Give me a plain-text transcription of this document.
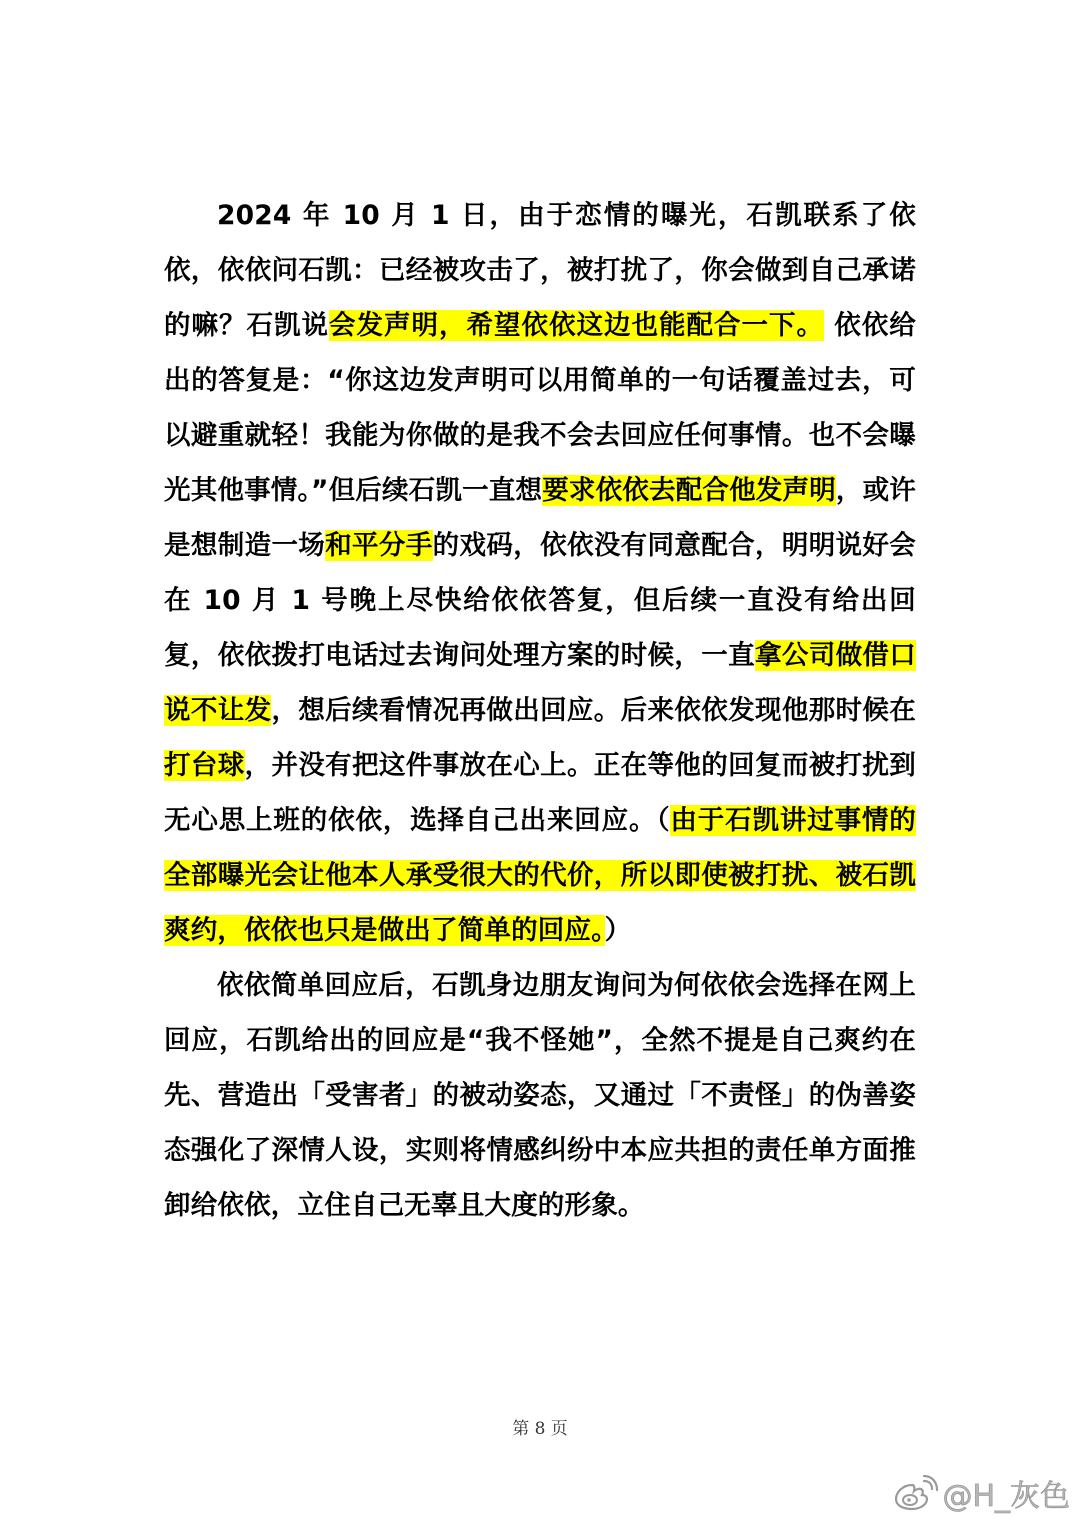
2024 年 10 月 1 日，由于恋情的曝光，石凯联系了依依，依依问石凯：已经被攻击了，被打扰了，你会做到自己承诺的嘛？石凯说会发声明，希望依依这边也能配合一下。 依依给出的答复是：“你这边发声明可以用简单的一句话覆盖过去，可以避重就轻！我能为你做的是我不会去回应任何事情。也不会曝光其他事情。”但后续石凯一直想要求依依去配合他发声明，或许是想制造一场和平分手的戏码，依依没有同意配合，明明说好会在 10 月 1 号晚上尽快给依依答复，但后续一直没有给出回复，依依拨打电话过去询问处理方案的时候，一直拿公司做借口说不让发，想后续看情况再做出回应。后来依依发现他那时候在打台球，并没有把这件事放在心上。正在等他的回复而被打扰到无心思上班的依依，选择自己出来回应。（由于石凯讲过事情的全部曝光会让他本人承受很大的代价，所以即使被打扰、被石凯爽约，依依也只是做出了简单的回应。）

依依简单回应后，石凯身边朋友询问为何依依会选择在网上回应，石凯给出的回应是“我不怪她”，全然不提是自己爽约在先、营造出「受害者」的被动姿态，又通过「不责怪」的伪善姿态强化了深情人设，实则将情感纠纷中本应共担的责任单方面推卸给依依，立住自己无辜且大度的形象。

第 8 页
@H_灰色
